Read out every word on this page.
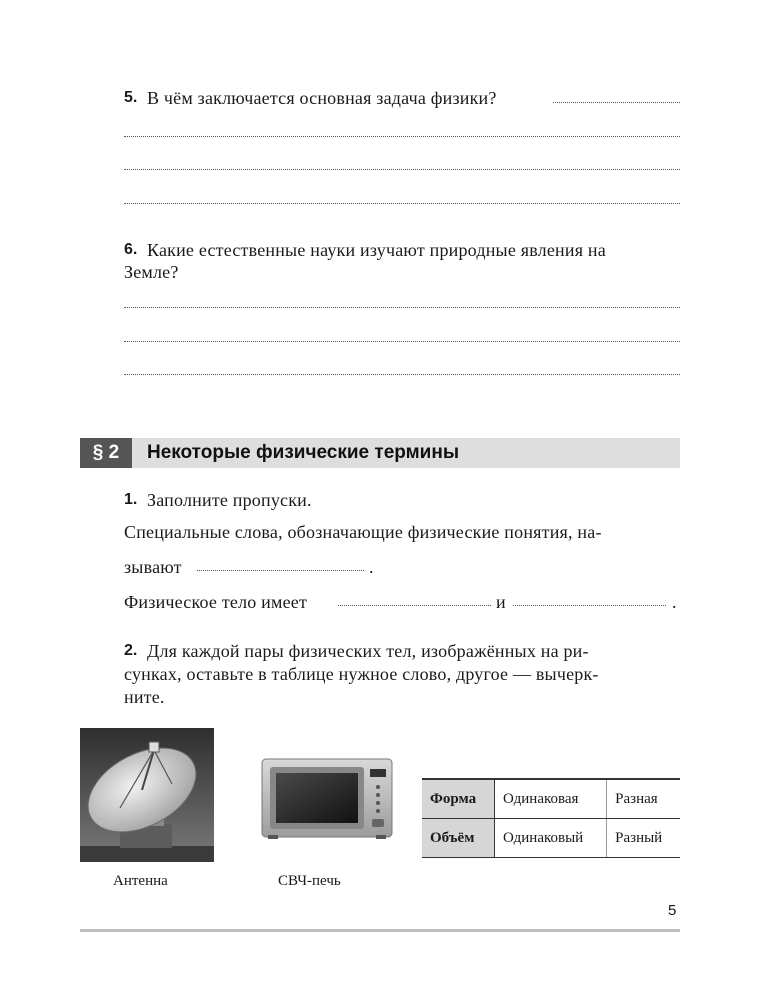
5. В чём заключается основная задача физики?
6. Какие естественные науки изучают природные явления на
Земле?
§ 2	Некоторые физические термины
1. Заполните пропуски.
Специальные слова, обозначающие физические понятия, на-
зывают	.
Физическое тело имеет	и	.
2. Для каждой пары физических тел, изображённых на ри-
сунках, оставьте в таблице нужное слово, другое — вычерк-
ните.
Антенна	СВЧ-печь
Форма	Одинаковая	Разная
Объём	Одинаковый	Разный
5
